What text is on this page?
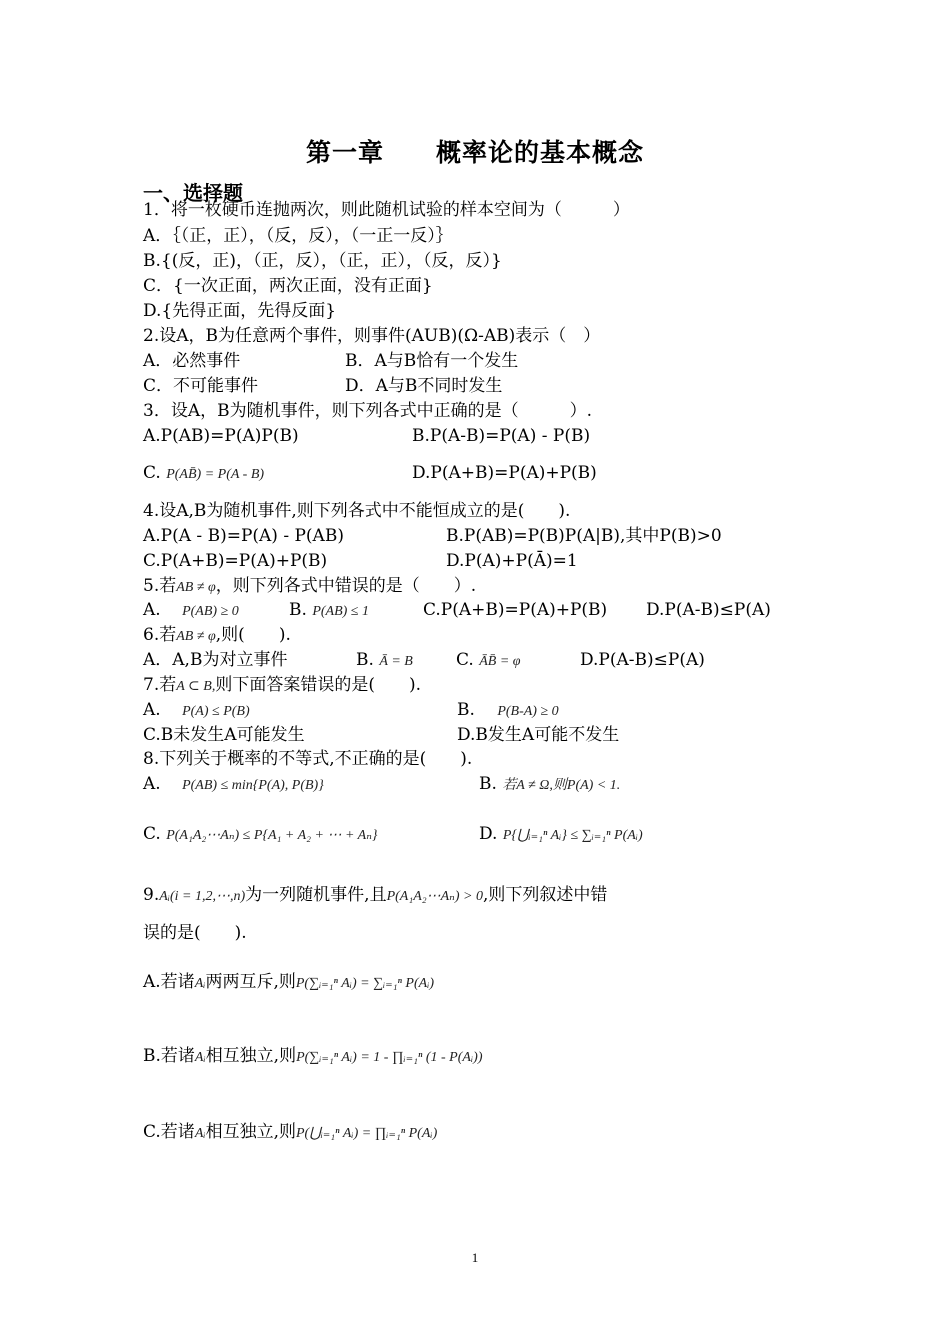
第一章　　概率论的基本概念
一、选择题
1．将一枚硬币连抛两次，则此随机试验的样本空间为（　　　）
A．｛（正，正），（反，反），（一正一反）｝
B.{(反，正)，（正，反），（正，正），（反，反）}
C．{一次正面，两次正面，没有正面}
D.{先得正面，先得反面}
2.设A，B为任意两个事件，则事件(AUB)(Ω-AB)表示（　）
A．必然事件	B．A与B恰有一个发生
C．不可能事件	D．A与B不同时发生
3．设A，B为随机事件，则下列各式中正确的是（　　　）.
A.P(AB)=P(A)P(B)	B.P(A-B)=P(A) - P(B)
C. P(AB̄) = P(A - B)	D.P(A+B)=P(A)+P(B)
4.设A,B为随机事件,则下列各式中不能恒成立的是(　　).
A.P(A - B)=P(A) - P(AB)	B.P(AB)=P(B)P(A|B),其中P(B)>0
C.P(A+B)=P(A)+P(B)	D.P(A)+P(Ā)=1
5.若AB ≠ φ，则下列各式中错误的是（　　）.
A. P(AB) ≥ 0	B. P(AB) ≤ 1	C.P(A+B)=P(A)+P(B) D.P(A-B)≤P(A)
6.若AB ≠ φ,则(　　).
A．A,B为对立事件	B. Ā = B	C. ĀB̄ = φ	D.P(A-B)≤P(A)
7.若A ⊂ B,则下面答案错误的是(　　).
A. P(A) ≤ P(B)	B.　 P(B-A) ≥ 0
C.B未发生A可能发生	D.B发生A可能不发生
8.下列关于概率的不等式,不正确的是(　　).
A. P(AB) ≤ min{P(A), P(B)}	B. 若A ≠ Ω,则P(A) < 1.
C. P(A₁A₂⋯Aₙ) ≤ P{A₁ + A₂ + ⋯ + Aₙ}	D. P{⋃ᵢ₌₁ⁿ Aᵢ} ≤ ∑ᵢ₌₁ⁿ P(Aᵢ)
9.Aᵢ(i = 1,2,⋯,n)为一列随机事件,且P(A₁A₂⋯Aₙ) > 0,则下列叙述中错
误的是(　　).
A.若诸Aᵢ两两互斥,则P(∑ᵢ₌₁ⁿ Aᵢ) = ∑ᵢ₌₁ⁿ P(Aᵢ)
B.若诸Aᵢ相互独立,则P(∑ᵢ₌₁ⁿ Aᵢ) = 1 - ∏ᵢ₌₁ⁿ (1 - P(Aᵢ))
C.若诸Aᵢ相互独立,则P(⋃ᵢ₌₁ⁿ Aᵢ) = ∏ᵢ₌₁ⁿ P(Aᵢ)
1
